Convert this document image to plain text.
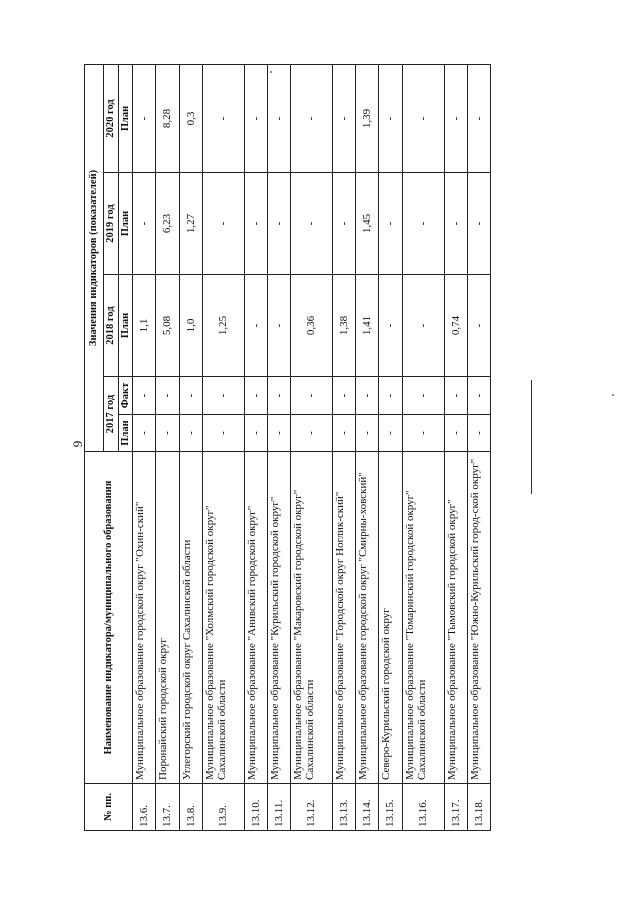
9
№ пп.	Наименование индикатора/муниципального образования	Значения индикаторов (показателей)				
		2017 год		2018 год	2019 год	2020 год
		План	Факт	План	План	План
13.6.	Муниципальное образование городской округ "Охин-ский"	-	-	1,1	-	-
13.7.	Поронайский городской округ	-	-	5,08	6,23	8,28
13.8.	Углегорский городской округ Сахалинской области	-	-	1,0	1,27	0,3
13.9.	Муниципальное образование "Холмский городской округ" Сахалинской области	-	-	1,25	-	-
13.10.	Муниципальное образование "Анивский городской округ"	-	-	-	-	-
13.11.	Муниципальное образование "Курильский городской округ"	-	-	-	-	-
13.12.	Муниципальное образование "Макаровский городской округ" Сахалинской области	-	-	0,36	-	-
13.13.	Муниципальное образование "Городской округ Ноглик-ский"	-	-	1,38	-	-
13.14.	Муниципальное образование городской округ "Смирны-ховский"	-	-	1,41	1,45	1,39
13.15.	Северо-Курильский городской округ	-	-	-	-	-
13.16.	Муниципальное образование "Томаринский городской округ" Сахалинской области	-	-	-	-	-
13.17.	Муниципальное образование "Тымовский городской округ"	-	-	0,74	-	-
13.18.	Муниципальное образование "Южно-Курильский город-ской округ"	-	-	-	-	-
